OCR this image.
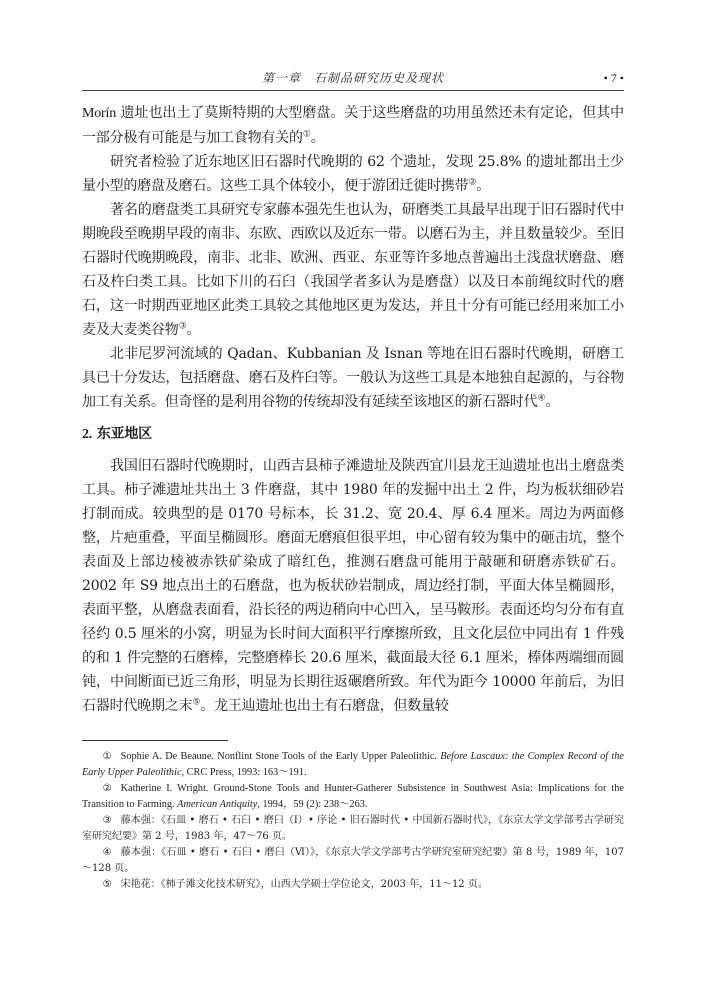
第一章　石制品研究历史及现状	• 7 •

Morín 遗址也出土了莫斯特期的大型磨盘。关于这些磨盘的功用虽然还未有定论，但其中一部分极有可能是与加工食物有关的①。

研究者检验了近东地区旧石器时代晚期的 62 个遗址，发现 25.8% 的遗址都出土少量小型的磨盘及磨石。这些工具个体较小，便于游团迁徙时携带②。

著名的磨盘类工具研究专家藤本强先生也认为，研磨类工具最早出现于旧石器时代中期晚段至晚期早段的南非、东欧、西欧以及近东一带。以磨石为主，并且数量较少。至旧石器时代晚期晚段，南非、北非、欧洲、西亚、东亚等许多地点普遍出土浅盘状磨盘、磨石及杵臼类工具。比如下川的石臼（我国学者多认为是磨盘）以及日本前绳纹时代的磨石，这一时期西亚地区此类工具较之其他地区更为发达，并且十分有可能已经用来加工小麦及大麦类谷物③。

北非尼罗河流域的 Qadan、Kubbanian 及 Isnan 等地在旧石器时代晚期，研磨工具已十分发达，包括磨盘、磨石及杵臼等。一般认为这些工具是本地独自起源的，与谷物加工有关系。但奇怪的是利用谷物的传统却没有延续至该地区的新石器时代④。

2. 东亚地区

我国旧石器时代晚期时，山西吉县柿子滩遗址及陕西宜川县龙王辿遗址也出土磨盘类工具。柿子滩遗址共出土 3 件磨盘，其中 1980 年的发掘中出土 2 件，均为板状细砂岩打制而成。较典型的是 0170 号标本，长 31.2、宽 20.4、厚 6.4 厘米。周边为两面修整，片疤重叠，平面呈椭圆形。磨面无磨痕但很平坦，中心留有较为集中的砸击坑，整个表面及上部边棱被赤铁矿染成了暗红色，推测石磨盘可能用于敲砸和研磨赤铁矿石。2002 年 S9 地点出土的石磨盘，也为板状砂岩制成，周边经打制，平面大体呈椭圆形，表面平整，从磨盘表面看，沿长径的两边稍向中心凹入，呈马鞍形。表面还均匀分布有直径约 0.5 厘米的小窝，明显为长时间大面积平行摩擦所致，且文化层位中同出有 1 件残的和 1 件完整的石磨棒，完整磨棒长 20.6 厘米，截面最大径 6.1 厘米，棒体两端细而圆钝，中间断面已近三角形，明显为长期往返碾磨所致。年代为距今 10000 年前后，为旧石器时代晚期之末⑤。龙王辿遗址也出土有石磨盘，但数量较

① Sophie A. De Beaune. Nonflint Stone Tools of the Early Upper Paleolithic. Before Lascaux: the Complex Record of the Early Upper Paleolithic, CRC Press, 1993: 163～191.

② Katherine I. Wright. Ground-Stone Tools and Hunter-Gatherer Subsistence in Southwest Asia: Implications for the Transition to Farming. American Antiquity, 1994，59 (2): 238～263.

③ 藤本强：《石皿 • 磨石 • 石臼 • 磨臼（Ⅰ）• 序论 • 旧石器时代 • 中国新石器时代》，《东京大学文学部考古学研究室研究纪要》第 2 号，1983 年，47～76 页。

④ 藤本强：《石皿 • 磨石 • 石臼 • 磨臼（Ⅵ）》，《东京大学文学部考古学研究室研究纪要》第 8 号，1989 年，107～128 页。

⑤ 宋艳花：《柿子滩文化技术研究》，山西大学硕士学位论文，2003 年，11～12 页。
